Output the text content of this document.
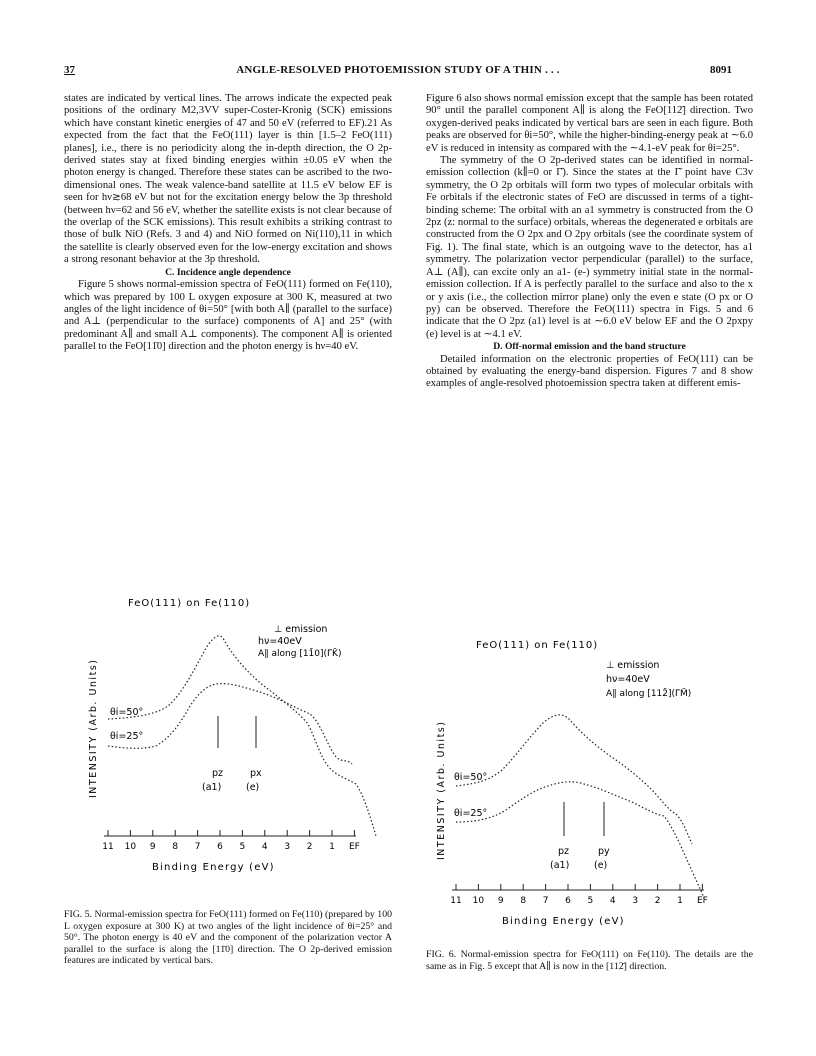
37	ANGLE-RESOLVED PHOTOEMISSION STUDY OF A THIN . . .	8091

states are indicated by vertical lines. The arrows indicate the expected peak positions of the ordinary M2,3VV super-Coster-Kronig (SCK) emissions which have constant kinetic energies of 47 and 50 eV (referred to EF).21 As expected from the fact that the FeO(111) layer is thin [1.5–2 FeO(111) planes], i.e., there is no periodicity along the in-depth direction, the O 2p-derived states stay at fixed binding energies within ±0.05 eV when the photon energy is changed. Therefore these states can be ascribed to the two-dimensional ones. The weak valence-band satellite at 11.5 eV below EF is seen for hν≳68 eV but not for the excitation energy below the 3p threshold (between hν=62 and 56 eV, whether the satellite exists is not clear because of the overlap of the SCK emissions). This result exhibits a striking contrast to those of bulk NiO (Refs. 3 and 4) and NiO formed on Ni(110),11 in which the satellite is clearly observed even for the low-energy excitation and shows a strong resonant behavior at the 3p threshold.

C. Incidence angle dependence

Figure 5 shows normal-emission spectra of FeO(111) formed on Fe(110), which was prepared by 100 L oxygen exposure at 300 K, measured at two angles of the light incidence of θi=50° [with both A∥ (parallel to the surface) and A⊥ (perpendicular to the surface) components of A] and 25° (with predominant A∥ and small A⊥ components). The component A∥ is oriented parallel to the FeO[11̄0] direction and the photon energy is hν=40 eV.

Figure 6 also shows normal emission except that the sample has been rotated 90° until the parallel component A∥ is along the FeO[112̄] direction. Two oxygen-derived peaks indicated by vertical bars are seen in each figure. Both peaks are observed for θi=50°, while the higher-binding-energy peak at ∼6.0 eV is reduced in intensity as compared with the ∼4.1-eV peak for θi=25°.

The symmetry of the O 2p-derived states can be identified in normal-emission collection (k∥=0 or Γ̄). Since the states at the Γ̄ point have C3v symmetry, the O 2p orbitals will form two types of molecular orbitals with Fe orbitals if the electronic states of FeO are discussed in terms of a tight-binding scheme: The orbital with an a1 symmetry is constructed from the O 2pz (z: normal to the surface) orbitals, whereas the degenerated e orbitals are constructed from the O 2px and O 2py orbitals (see the coordinate system of Fig. 1). The final state, which is an outgoing wave to the detector, has a1 symmetry. The polarization vector perpendicular (parallel) to the surface, A⊥ (A∥), can excite only an a1- (e-) symmetry initial state in the normal-emission collection. If A is perfectly parallel to the surface and also to the x or y axis (i.e., the collection mirror plane) only the even e state (O px or O py) can be observed. Therefore the FeO(111) spectra in Figs. 5 and 6 indicate that the O 2pz (a1) level is at ∼6.0 eV below EF and the O 2pxpy (e) level is at ∼4.1 eV.

D. Off-normal emission and the band structure

Detailed information on the electronic properties of FeO(111) can be obtained by evaluating the energy-band dispersion. Figures 7 and 8 show examples of angle-resolved photoemission spectra taken at different emis-

FeO(111) on Fe(110)
⊥ emission
hν=40eV
A∥ along [11̄0](Γ̄K̄)
INTENSITY (Arb. Units) θi=50°
θi=25°
pz
(a1)
px
(e)
11 10 9 8 7 6 5 4 3 2 1 EF
Binding Energy (eV)
FIG. 5. Normal-emission spectra for FeO(111) formed on Fe(110) (prepared by 100 L oxygen exposure at 300 K) at two angles of the light incidence of θi=25° and 50°. The photon energy is 40 eV and the component of the polarization vector A parallel to the surface is along the [11̄0] direction. The O 2p-derived emission features are indicated by vertical bars.
FeO(111) on Fe(110)
⊥ emission
hν=40eV
A∥ along [112̄](Γ̄M̄)
INTENSITY (Arb. Units) θi=50°
θi=25°
pz
(a1)
py
(e)
11 10 9 8 7 6 5 4 3 2 1 EF
Binding Energy (eV)
FIG. 6. Normal-emission spectra for FeO(111) on Fe(110). The details are the same as in Fig. 5 except that A∥ is now in the [112̄] direction.
